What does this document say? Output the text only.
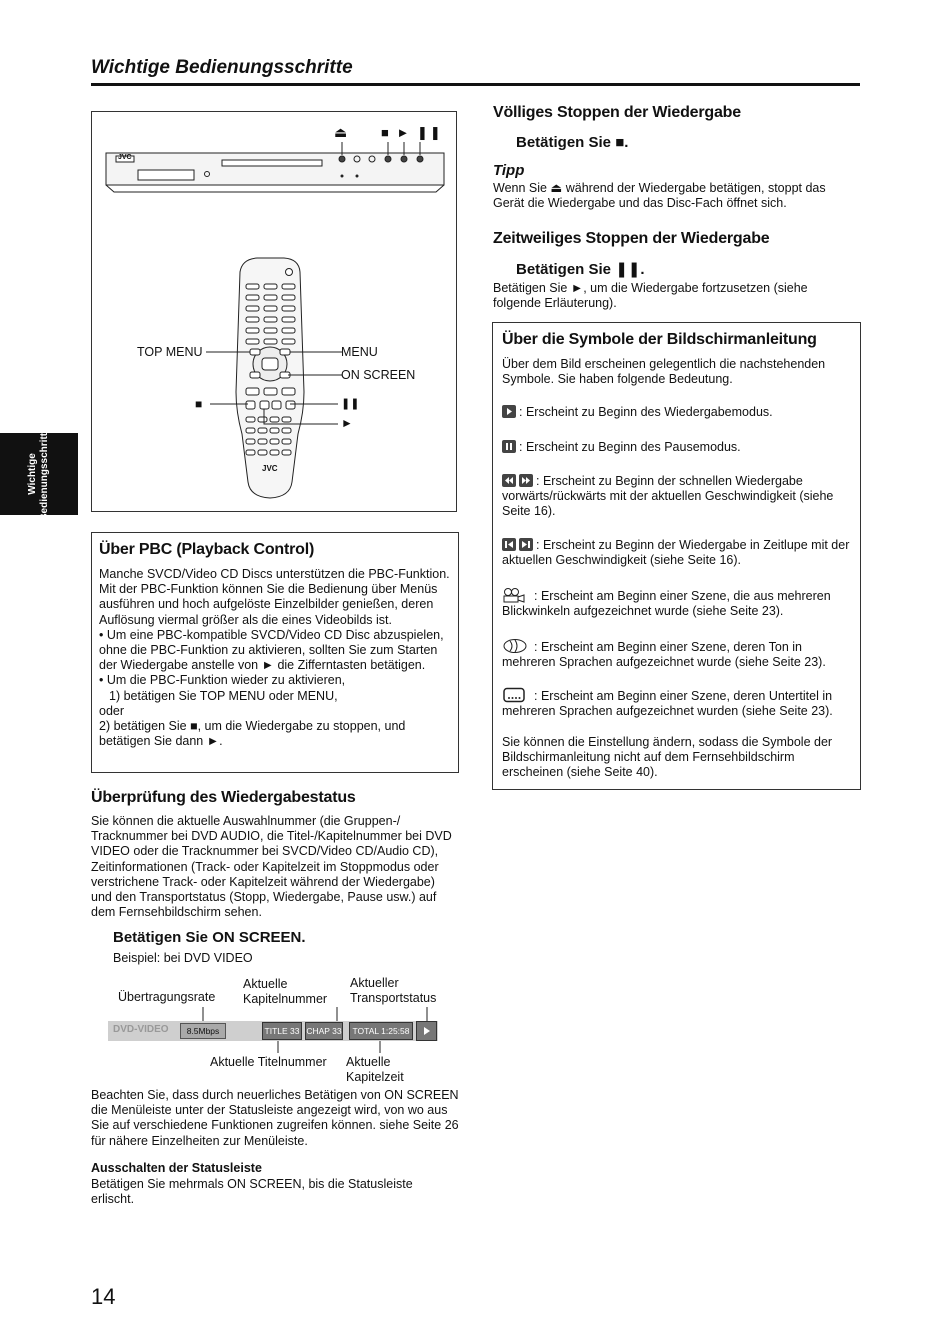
Wichtige Bedienungsschritte
Wichtige Bedienungsschritte
JVC
JVC
⏏	■ ► ❚❚
TOP MENU	MENU
ON SCREEN
■	❚❚
►
Völliges Stoppen der Wiedergabe
Betätigen Sie ■.
Tipp
Wenn Sie ⏏ während der Wiedergabe betätigen, stoppt das Gerät die Wiedergabe und das Disc-Fach öffnet sich.
Zeitweiliges Stoppen der Wiedergabe
Betätigen Sie ❚❚.
Betätigen Sie ►, um die Wiedergabe fortzusetzen (siehe folgende Erläuterung).
Über die Symbole der Bildschirmanleitung
Über dem Bild erscheinen gelegentlich die nachstehenden Symbole. Sie haben folgende Bedeutung.
: Erscheint zu Beginn des Wiedergabemodus.
: Erscheint zu Beginn des Pausemodus.
: Erscheint zu Beginn der schnellen Wiedergabe vorwärts/rückwärts mit der aktuellen Geschwindigkeit (siehe Seite 16).
: Erscheint zu Beginn der Wiedergabe in Zeitlupe mit der aktuellen Geschwindigkeit (siehe Seite 16).
: Erscheint am Beginn einer Szene, die aus mehreren Blickwinkeln aufgezeichnet wurde (siehe Seite 23).
: Erscheint am Beginn einer Szene, deren Ton in mehreren Sprachen aufgezeichnet wurde (siehe Seite 23).
: Erscheint am Beginn einer Szene, deren Untertitel in mehreren Sprachen aufgezeichnet wurden (siehe Seite 23).
Sie können die Einstellung ändern, sodass die Symbole der Bildschirmanleitung nicht auf dem Fernsehbildschirm erscheinen (siehe Seite 40).
Über PBC (Playback Control)
Manche SVCD/Video CD Discs unterstützen die PBC-Funktion.
Mit der PBC-Funktion können Sie die Bedienung über Menüs ausführen und hoch aufgelöste Einzelbilder genießen, deren Auflösung viermal größer als die eines Videobilds ist.
• Um eine PBC-kompatible SVCD/Video CD Disc abzuspielen, ohne die PBC-Funktion zu aktivieren, sollten Sie zum Starten der Wiedergabe anstelle von ► die Zifferntasten betätigen.
• Um die PBC-Funktion wieder zu aktivieren,
1) betätigen Sie TOP MENU oder MENU,
oder
2) betätigen Sie ■, um die Wiedergabe zu stoppen, und betätigen Sie dann ►.
Überprüfung des Wiedergabestatus
Sie können die aktuelle Auswahlnummer (die Gruppen-/ Tracknummer bei DVD AUDIO, die Titel-/Kapitelnummer bei DVD VIDEO oder die Tracknummer bei SVCD/Video CD/Audio CD), Zeitinformationen (Track- oder Kapitelzeit im Stoppmodus oder verstrichene Track- oder Kapitelzeit während der Wiedergabe) und den Transportstatus (Stopp, Wiedergabe, Pause usw.) auf dem Fernsehbildschirm sehen.
Betätigen Sie ON SCREEN.
Beispiel: bei DVD VIDEO
Übertragungsrate
Aktuelle
Kapitelnummer
Aktueller
Transportstatus
DVD-VIDEO	8.5Mbps	TITLE 33 CHAP 33	TOTAL 1:25:58
Aktuelle Titelnummer Aktuelle
Kapitelzeit
Beachten Sie, dass durch neuerliches Betätigen von ON SCREEN die Menüleiste unter der Statusleiste angezeigt wird, von wo aus Sie auf verschiedene Funktionen zugreifen können. siehe Seite 26 für nähere Einzelheiten zur Menüleiste.
Ausschalten der Statusleiste
Betätigen Sie mehrmals ON SCREEN, bis die Statusleiste erlischt.
14
